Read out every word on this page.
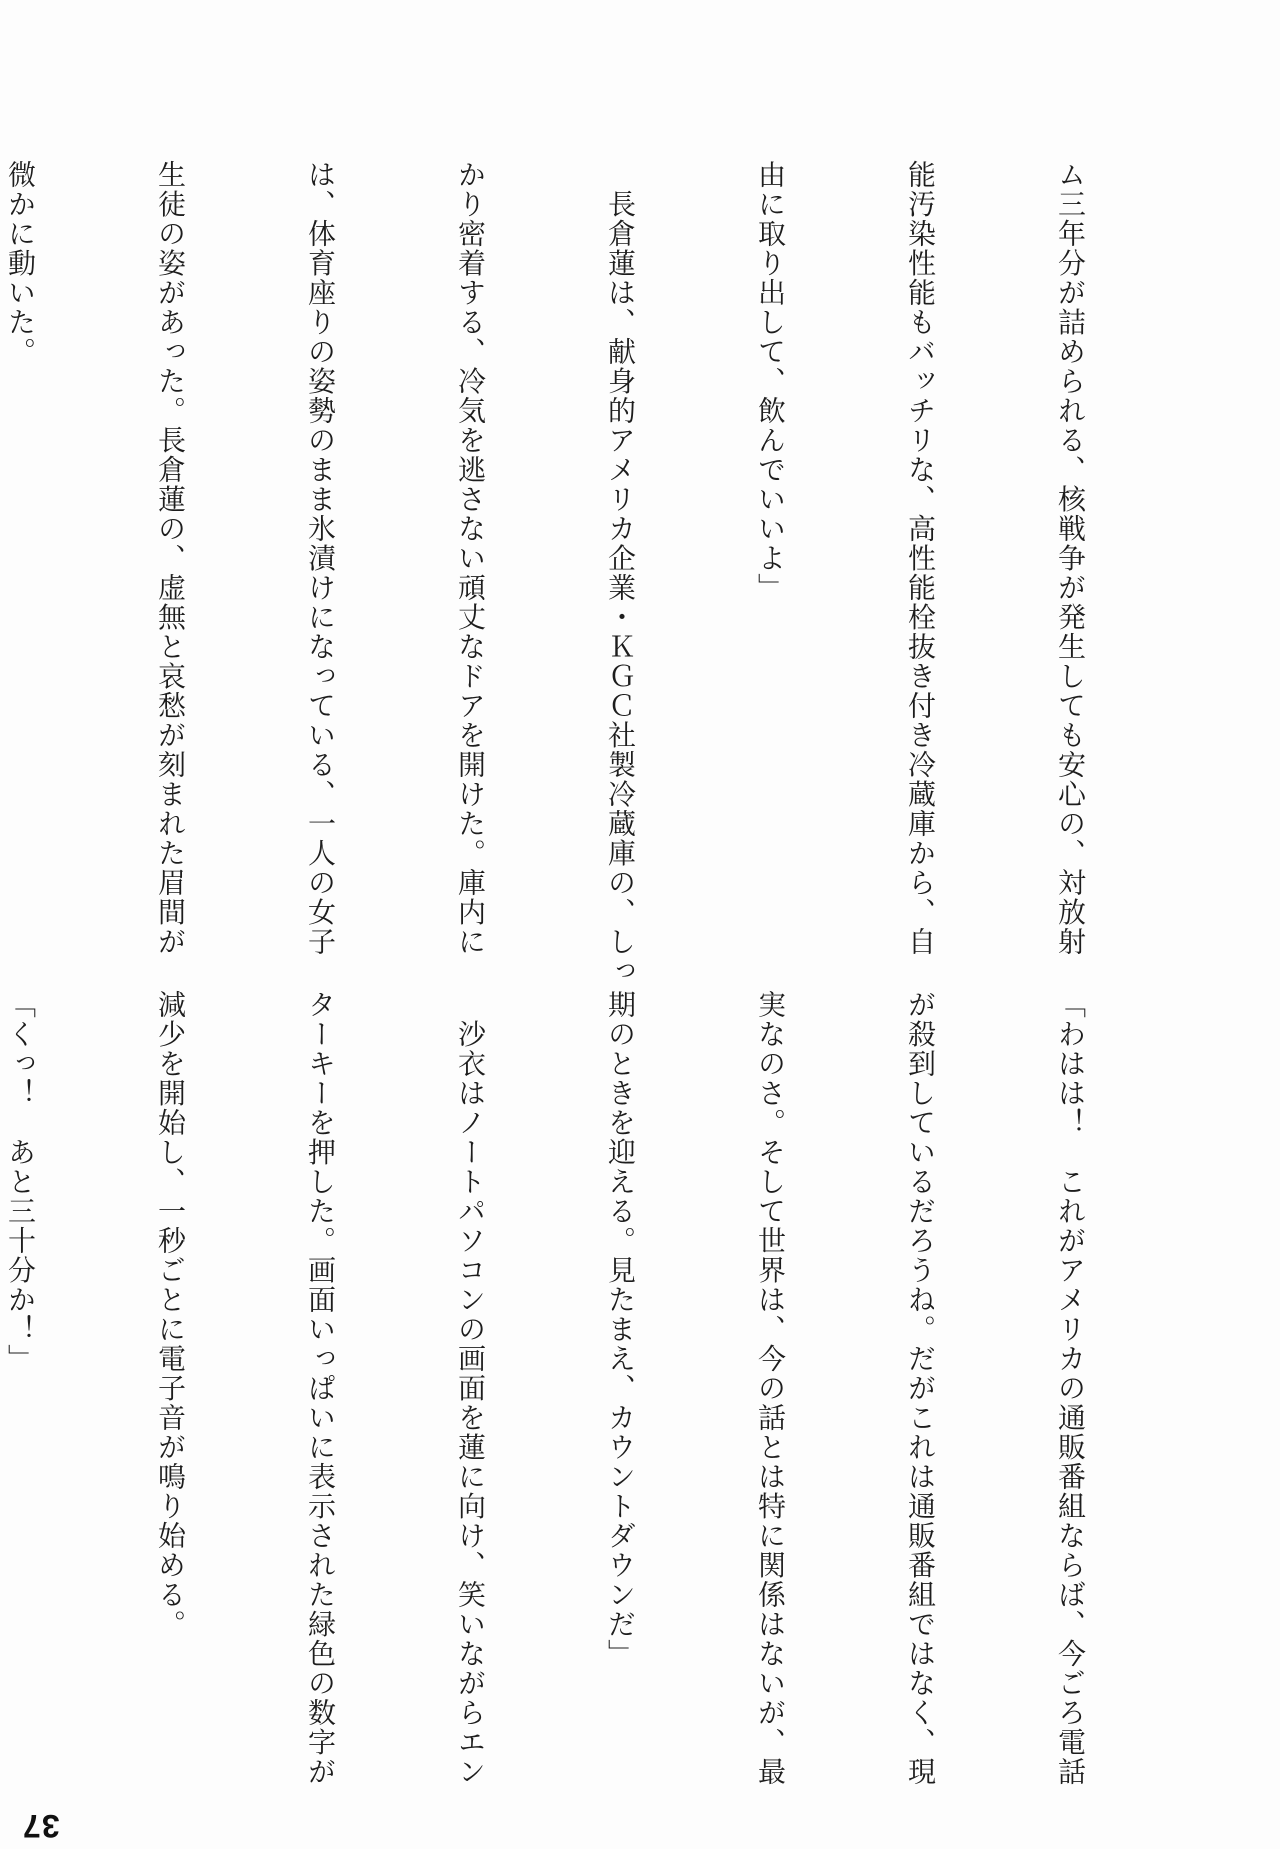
ム三年分が詰められる、核戦争が発生しても安心の、対放射

能汚染性能もバッチリな、高性能栓抜き付き冷蔵庫から、自

由に取り出して、飲んでいいよ」

　長倉蓮は、献身的アメリカ企業・ＫＧＣ社製冷蔵庫の、しっ

かり密着する、冷気を逃さない頑丈なドアを開けた。庫内に

は、体育座りの姿勢のまま氷漬けになっている、一人の女子

生徒の姿があった。長倉蓮の、虚無と哀愁が刻まれた眉間が

微かに動いた。

「わはは！　これがアメリカの通販番組ならば、今ごろ電話

が殺到しているだろうね。だがこれは通販番組ではなく、現

実なのさ。そして世界は、今の話とは特に関係はないが、最

期のときを迎える。見たまえ、カウントダウンだ」

　沙衣はノートパソコンの画面を蓮に向け、笑いながらエン

ターキーを押した。画面いっぱいに表示された緑色の数字が

減少を開始し、一秒ごとに電子音が鳴り始める。

「くっ！　あと三十分か！」

37
